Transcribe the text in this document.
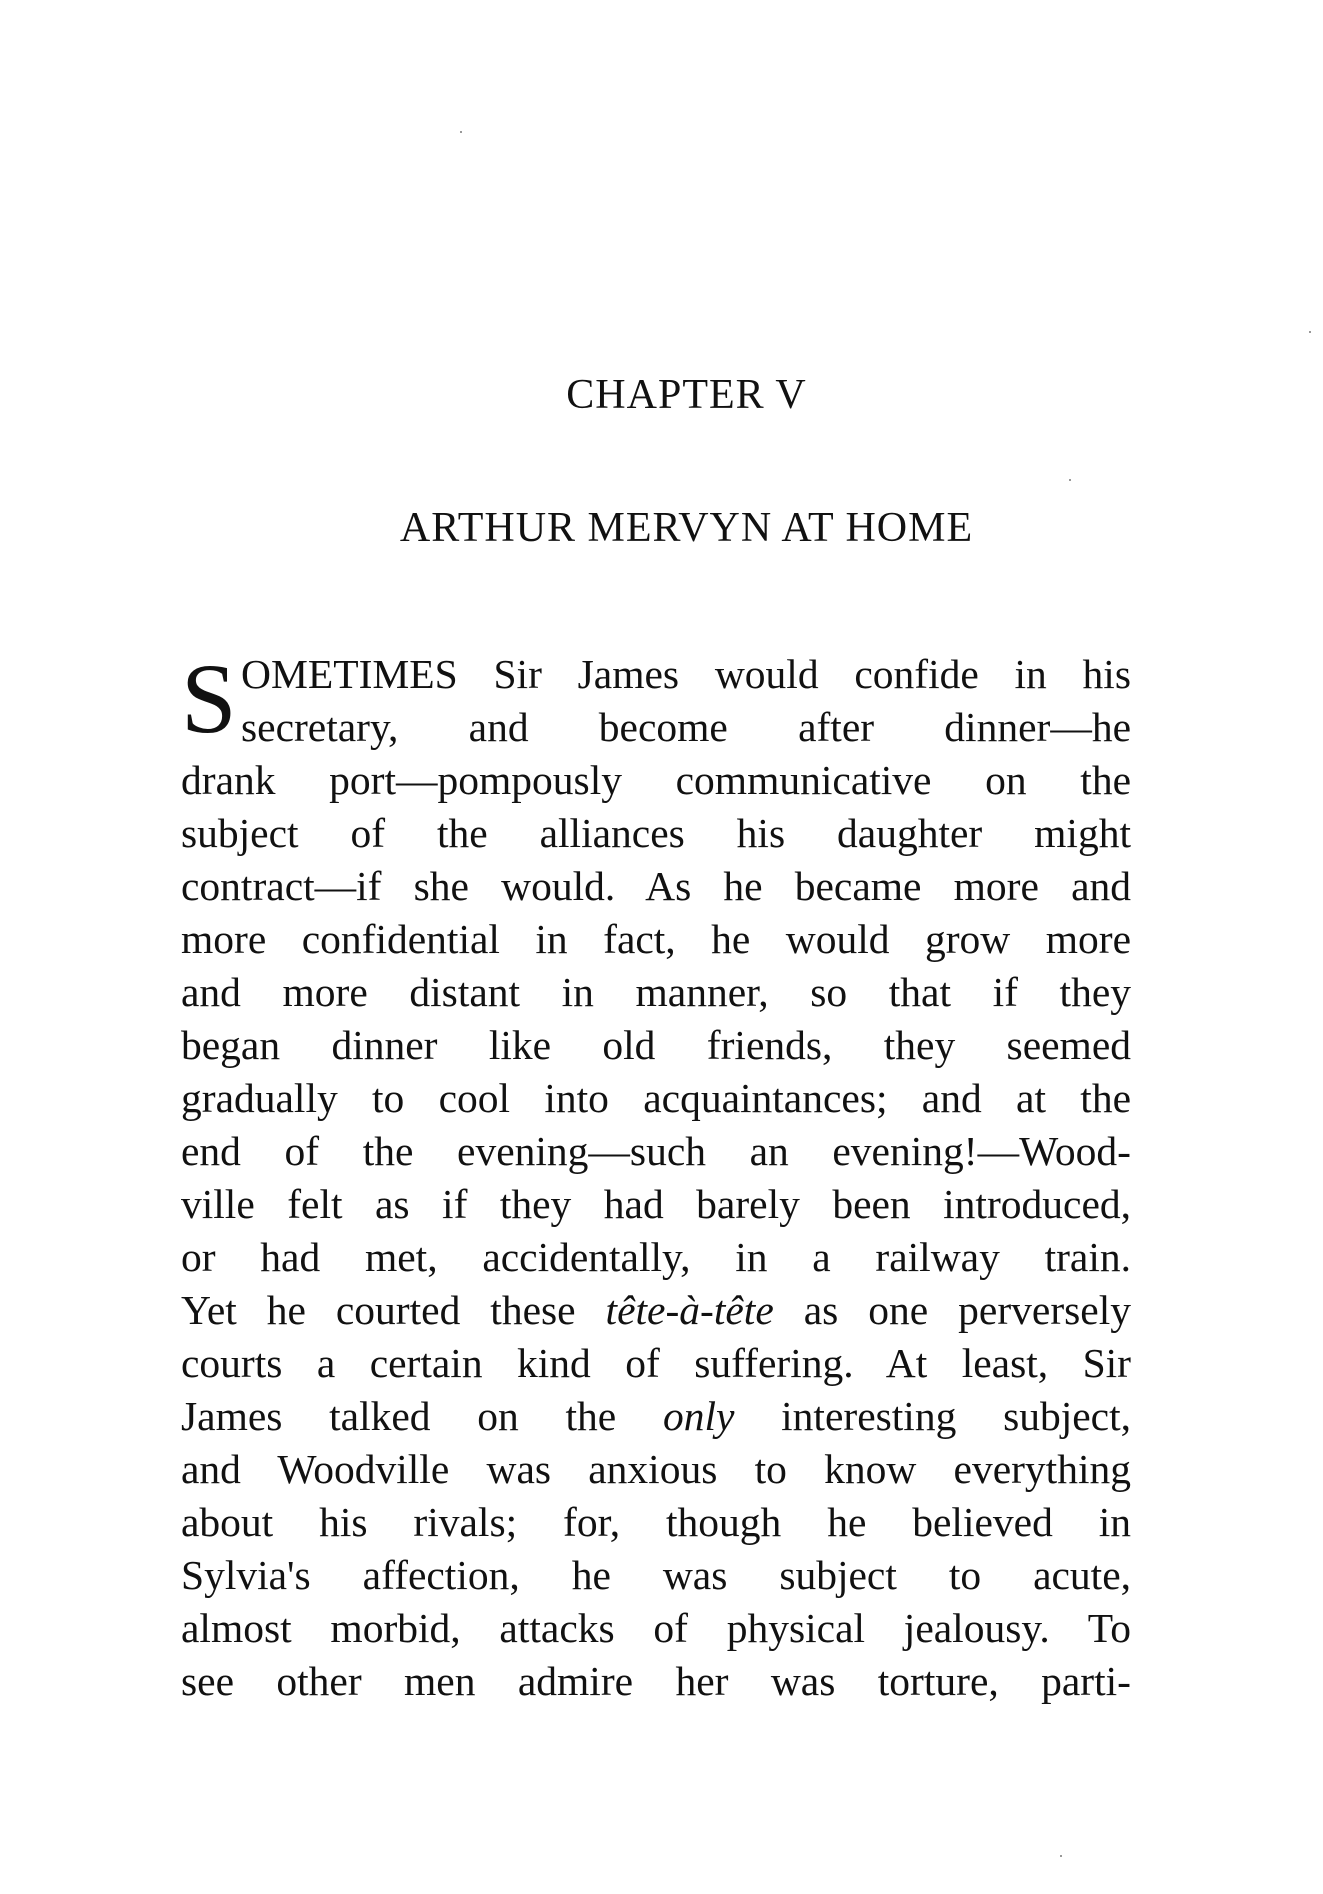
CHAPTER V
ARTHUR MERVYN AT HOME
S OMETIMES Sir James would confide in his
secretary, and become after dinner—he
drank port—pompously communicative on the
subject of the alliances his daughter might
contract—if she would. As he became more and
more confidential in fact, he would grow more
and more distant in manner, so that if they
began dinner like old friends, they seemed
gradually to cool into acquaintances; and at the
end of the evening—such an evening!—Wood-
ville felt as if they had barely been introduced,
or had met, accidentally, in a railway train.
Yet he courted these tête-à-tête as one perversely
courts a certain kind of suffering. At least, Sir
James talked on the only interesting subject,
and Woodville was anxious to know everything
about his rivals; for, though he believed in
Sylvia's affection, he was subject to acute,
almost morbid, attacks of physical jealousy. To
see other men admire her was torture, parti-
